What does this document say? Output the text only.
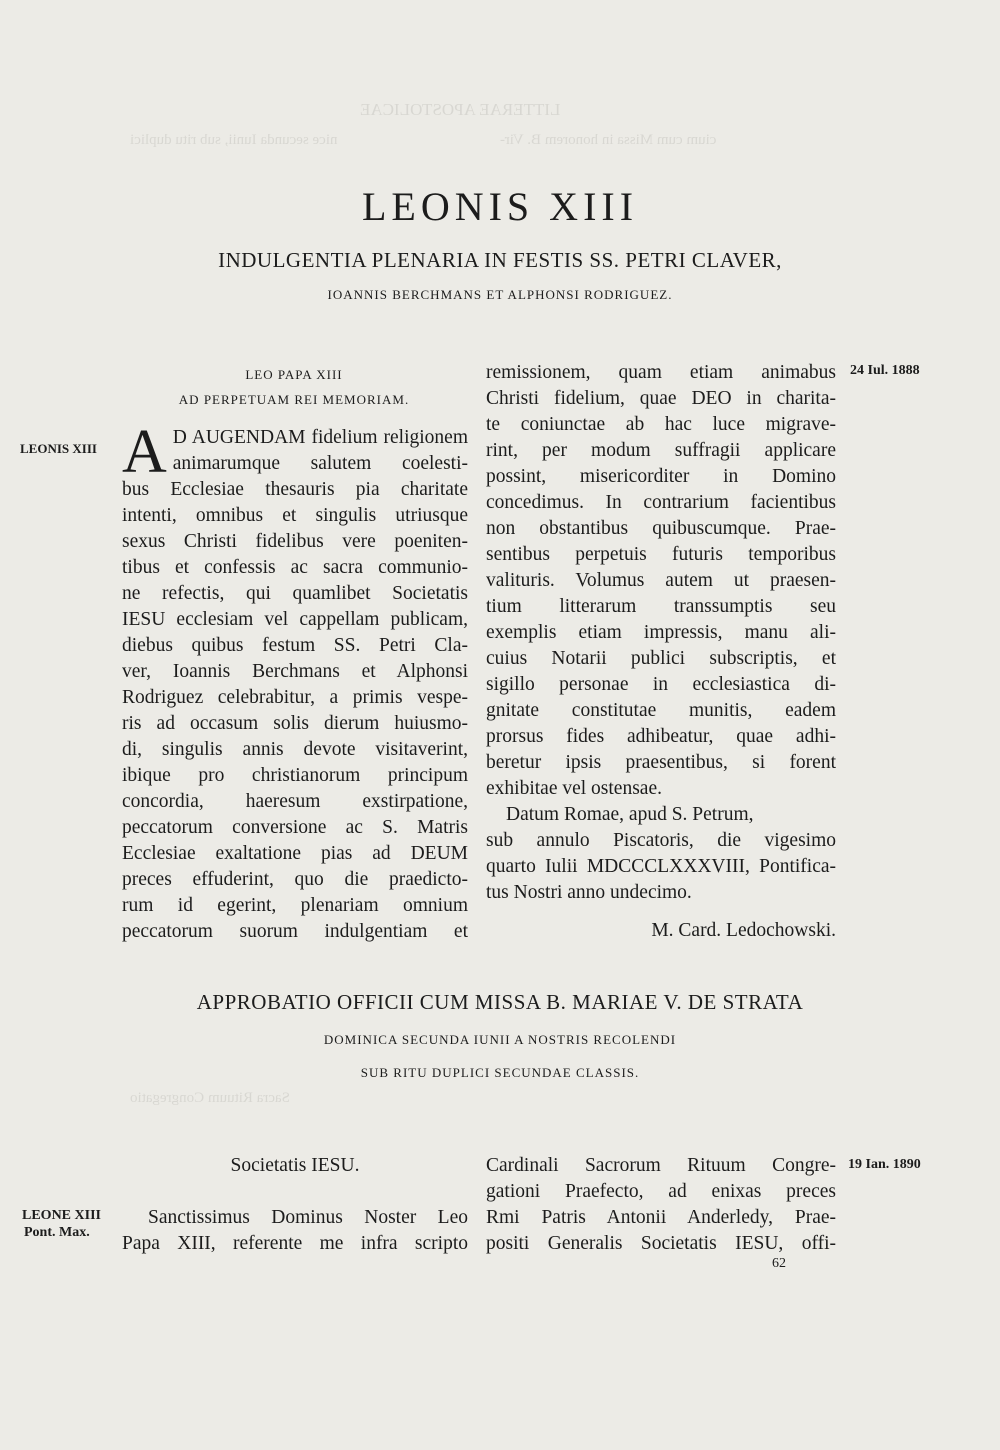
LITTERAE APOSTOLICAE
nice secunda Iunii, sub ritu duplici	cium cum Missa in honorem B. Vir-
Sacra Rituum Congregatio
LEONIS XIII
INDULGENTIA PLENARIA IN FESTIS SS. PETRI CLAVER,
IOANNIS BERCHMANS ET ALPHONSI RODRIGUEZ.
LEO PAPA XIII
AD PERPETUAM REI MEMORIAM.
LEONIS XIII
24 Iul. 1888
19 Ian. 1890
LEONE XIII
Pont. Max.
A D AUGENDAM fidelium religionem
animarumque salutem coelesti-
bus Ecclesiae thesauris pia charitate
intenti, omnibus et singulis utriusque
sexus Christi fidelibus vere poeniten-
tibus et confessis ac sacra communio-
ne refectis, qui quamlibet Societatis
IESU ecclesiam vel cappellam publicam,
diebus quibus festum SS. Petri Cla-
ver, Ioannis Berchmans et Alphonsi
Rodriguez celebrabitur, a primis vespe-
ris ad occasum solis dierum huiusmo-
di, singulis annis devote visitaverint,
ibique pro christianorum principum
concordia, haeresum exstirpatione,
peccatorum conversione ac S. Matris
Ecclesiae exaltatione pias ad DEUM
preces effuderint, quo die praedicto-
rum id egerint, plenariam omnium
peccatorum suorum indulgentiam et
remissionem, quam etiam animabus
Christi fidelium, quae DEO in charita-
te coniunctae ab hac luce migrave-
rint, per modum suffragii applicare
possint, misericorditer in Domino
concedimus. In contrarium facientibus
non obstantibus quibuscumque. Prae-
sentibus perpetuis futuris temporibus
valituris. Volumus autem ut praesen-
tium litterarum transsumptis seu
exemplis etiam impressis, manu ali-
cuius Notarii publici subscriptis, et
sigillo personae in ecclesiastica di-
gnitate constitutae munitis, eadem
prorsus fides adhibeatur, quae adhi-
beretur ipsis praesentibus, si forent
exhibitae vel ostensae.
Datum Romae, apud S. Petrum,
sub annulo Piscatoris, die vigesimo
quarto Iulii MDCCCLXXXVIII, Pontifica-
tus Nostri anno undecimo.
M. Card. Ledochowski.
APPROBATIO OFFICII CUM MISSA B. MARIAE V. DE STRATA
DOMINICA SECUNDA IUNII A NOSTRIS RECOLENDI
SUB RITU DUPLICI SECUNDAE CLASSIS.
Societatis IESU.
Sanctissimus Dominus Noster Leo
Papa XIII, referente me infra scripto
Cardinali Sacrorum Rituum Congre-
gationi Praefecto, ad enixas preces
Rmi Patris Antonii Anderledy, Prae-
positi Generalis Societatis IESU, offi-
62
